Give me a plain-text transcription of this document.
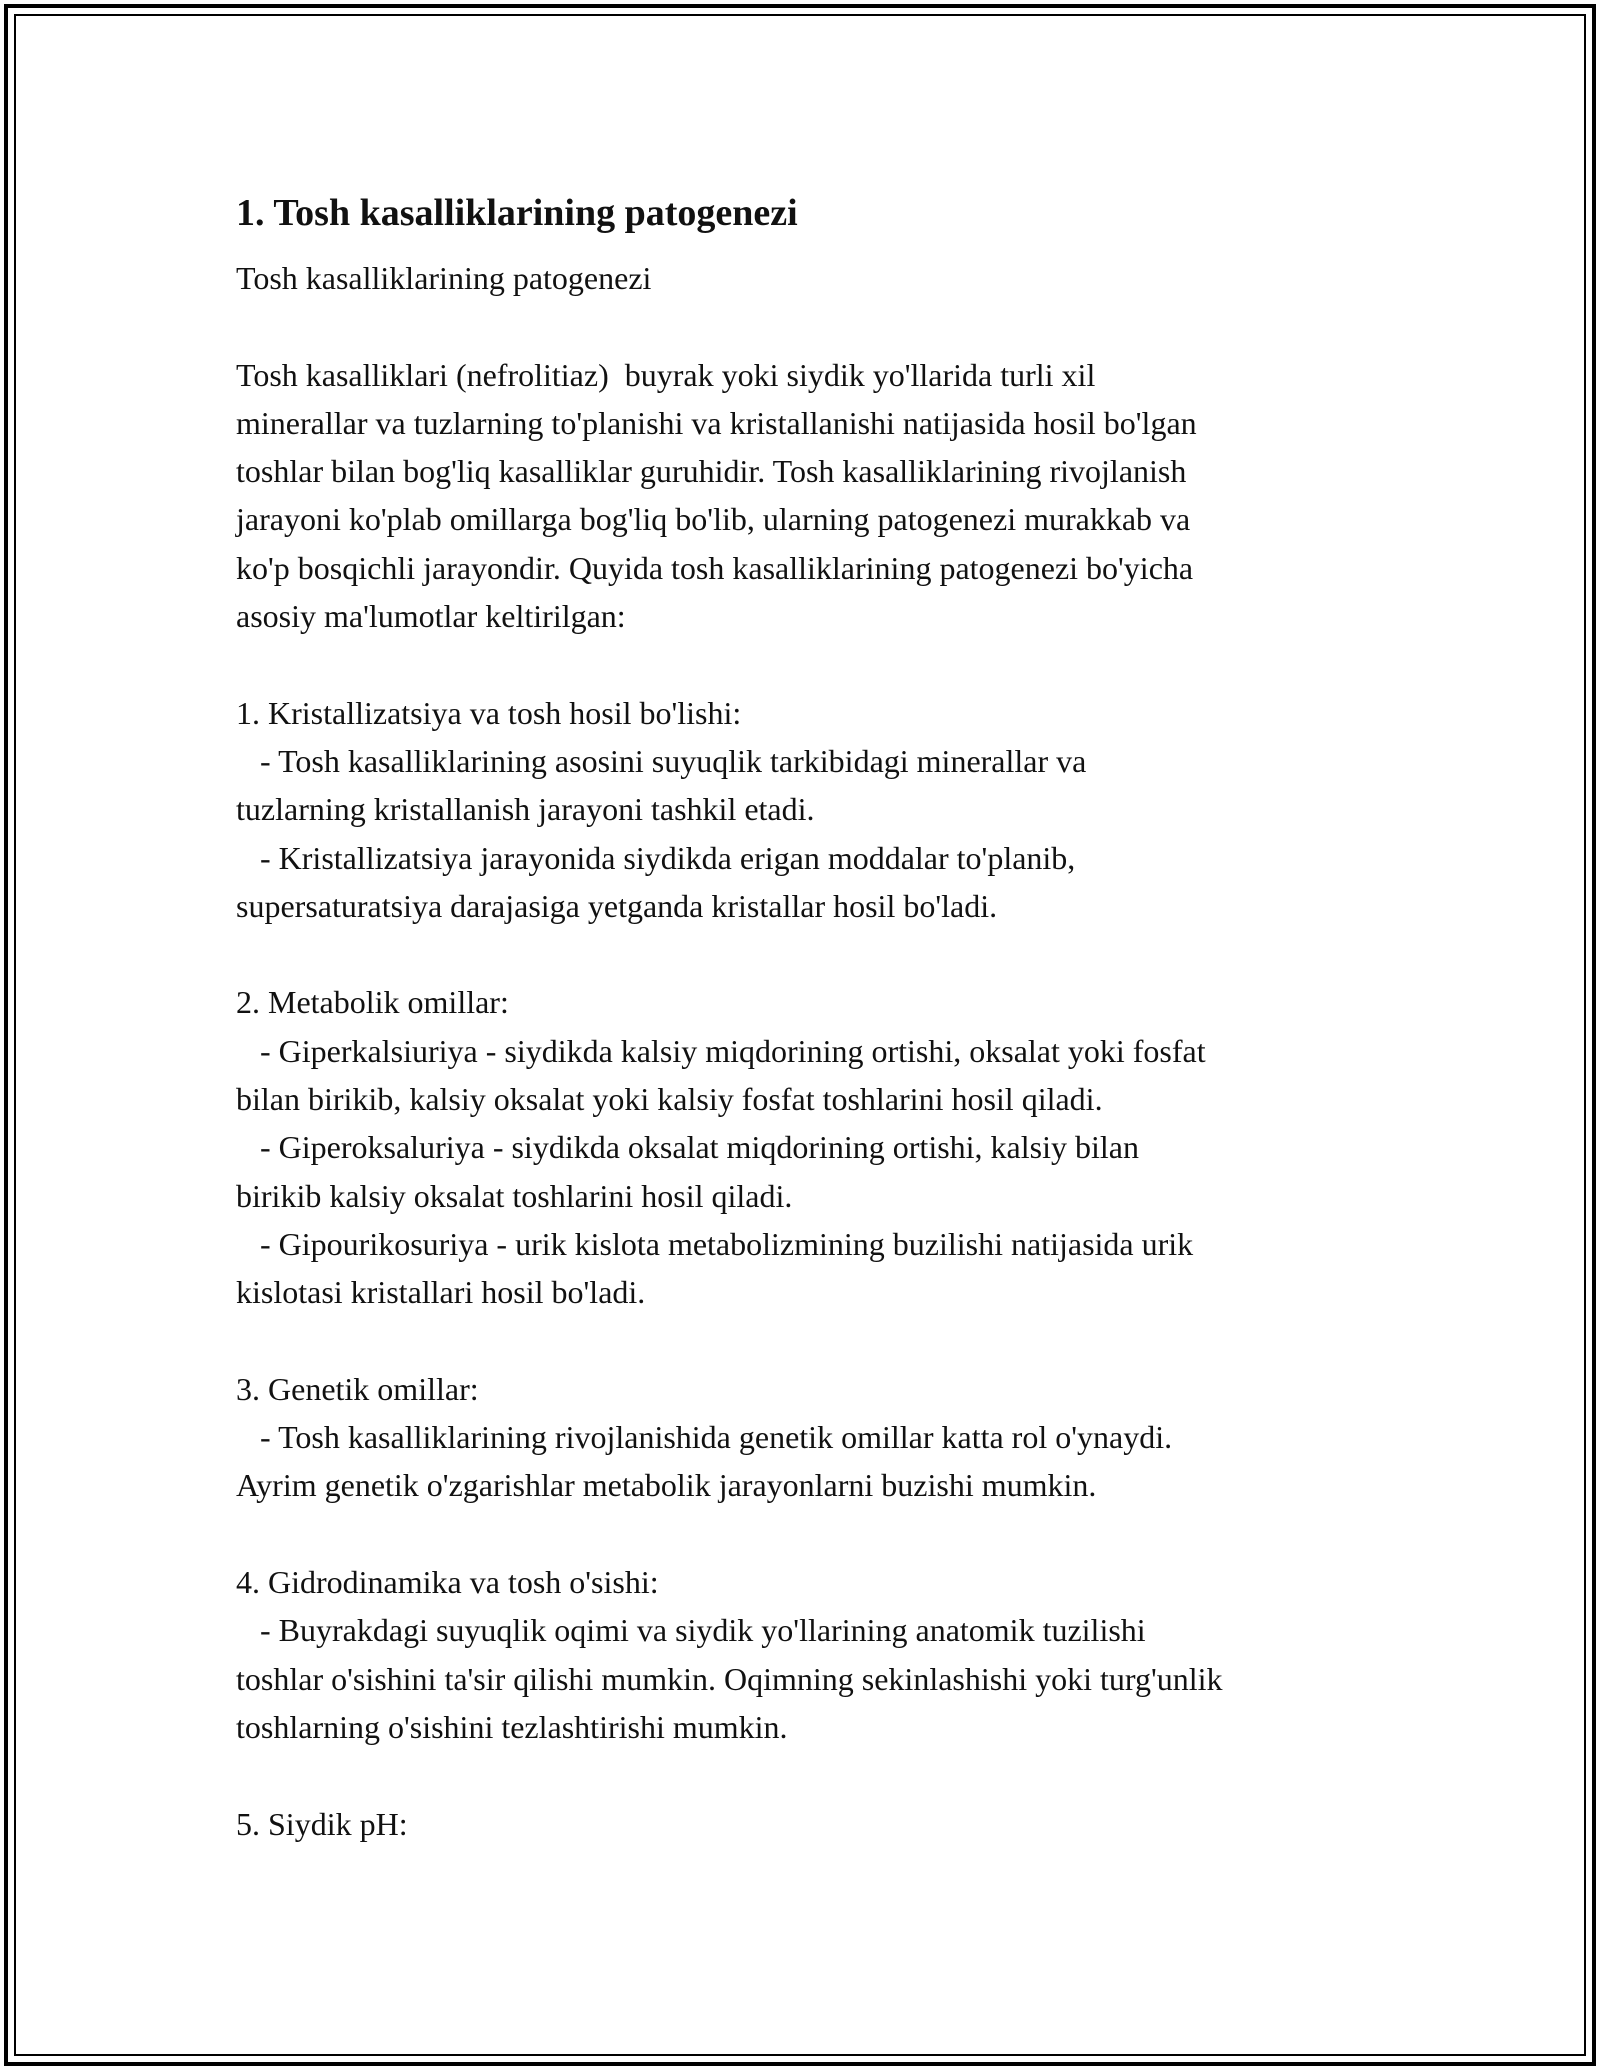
1. Tosh kasalliklarining patogenezi

Tosh kasalliklarining patogenezi

Tosh kasalliklari (nefrolitiaz)  buyrak yoki siydik yo'llarida turli xil
minerallar va tuzlarning to'planishi va kristallanishi natijasida hosil bo'lgan
toshlar bilan bog'liq kasalliklar guruhidir. Tosh kasalliklarining rivojlanish
jarayoni ko'plab omillarga bog'liq bo'lib, ularning patogenezi murakkab va
ko'p bosqichli jarayondir. Quyida tosh kasalliklarining patogenezi bo'yicha
asosiy ma'lumotlar keltirilgan:

1. Kristallizatsiya va tosh hosil bo'lishi:

- Tosh kasalliklarining asosini suyuqlik tarkibidagi minerallar va
tuzlarning kristallanish jarayoni tashkil etadi.
- Kristallizatsiya jarayonida siydikda erigan moddalar to'planib,
supersaturatsiya darajasiga yetganda kristallar hosil bo'ladi.

2. Metabolik omillar:

- Giperkalsiuriya - siydikda kalsiy miqdorining ortishi, oksalat yoki fosfat
bilan birikib, kalsiy oksalat yoki kalsiy fosfat toshlarini hosil qiladi.
- Giperoksaluriya - siydikda oksalat miqdorining ortishi, kalsiy bilan
birikib kalsiy oksalat toshlarini hosil qiladi.
- Gipourikosuriya - urik kislota metabolizmining buzilishi natijasida urik
kislotasi kristallari hosil bo'ladi.

3. Genetik omillar:

- Tosh kasalliklarining rivojlanishida genetik omillar katta rol o'ynaydi.
Ayrim genetik o'zgarishlar metabolik jarayonlarni buzishi mumkin.

4. Gidrodinamika va tosh o'sishi:

- Buyrakdagi suyuqlik oqimi va siydik yo'llarining anatomik tuzilishi
toshlar o'sishini ta'sir qilishi mumkin. Oqimning sekinlashishi yoki turg'unlik
toshlarning o'sishini tezlashtirishi mumkin.

5. Siydik pH:
